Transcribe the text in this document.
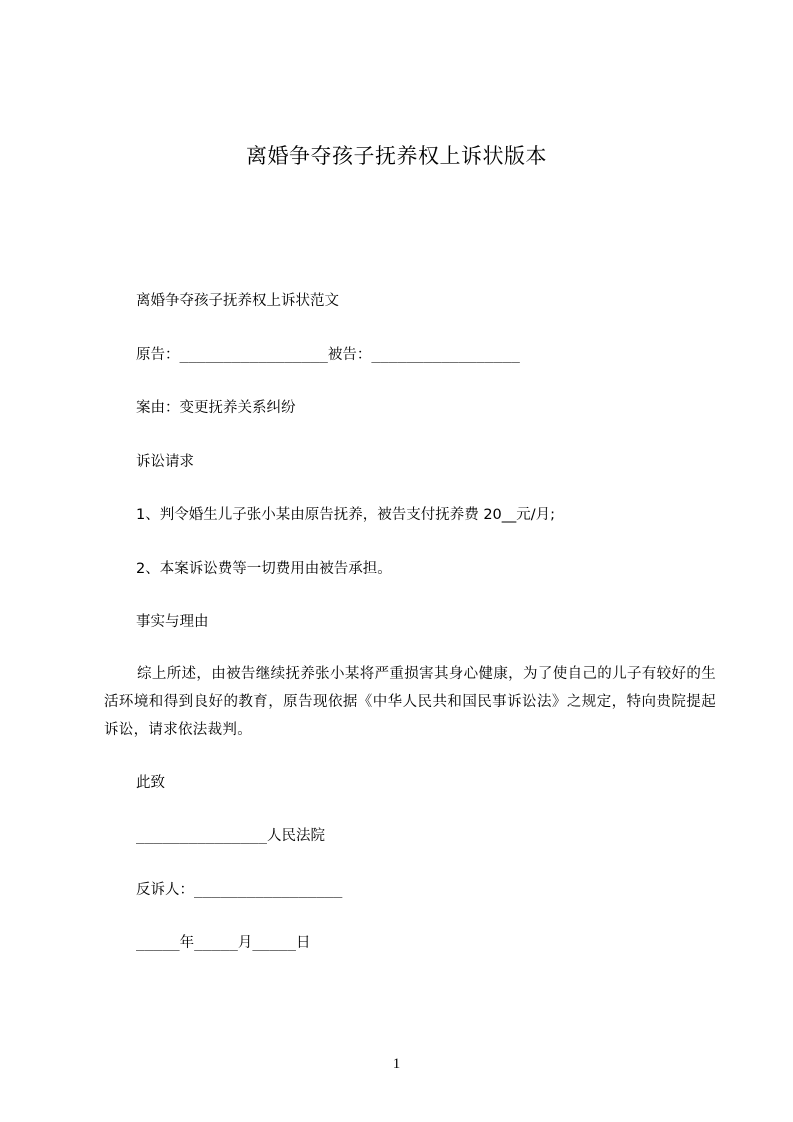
离婚争夺孩子抚养权上诉状版本
离婚争夺孩子抚养权上诉状范文
原告：_________________被告：_________________
案由：变更抚养关系纠纷
诉讼请求
1、判令婚生儿子张小某由原告抚养，被告支付抚养费 20__元/月;
2、本案诉讼费等一切费用由被告承担。
事实与理由
综上所述，由被告继续抚养张小某将严重损害其身心健康，为了使自己的儿子有较好的生活环境和得到良好的教育，原告现依据《中华人民共和国民事诉讼法》之规定，特向贵院提起诉讼，请求依法裁判。
此致
_______________人民法院
反诉人：_________________
_____年_____月_____日
1
